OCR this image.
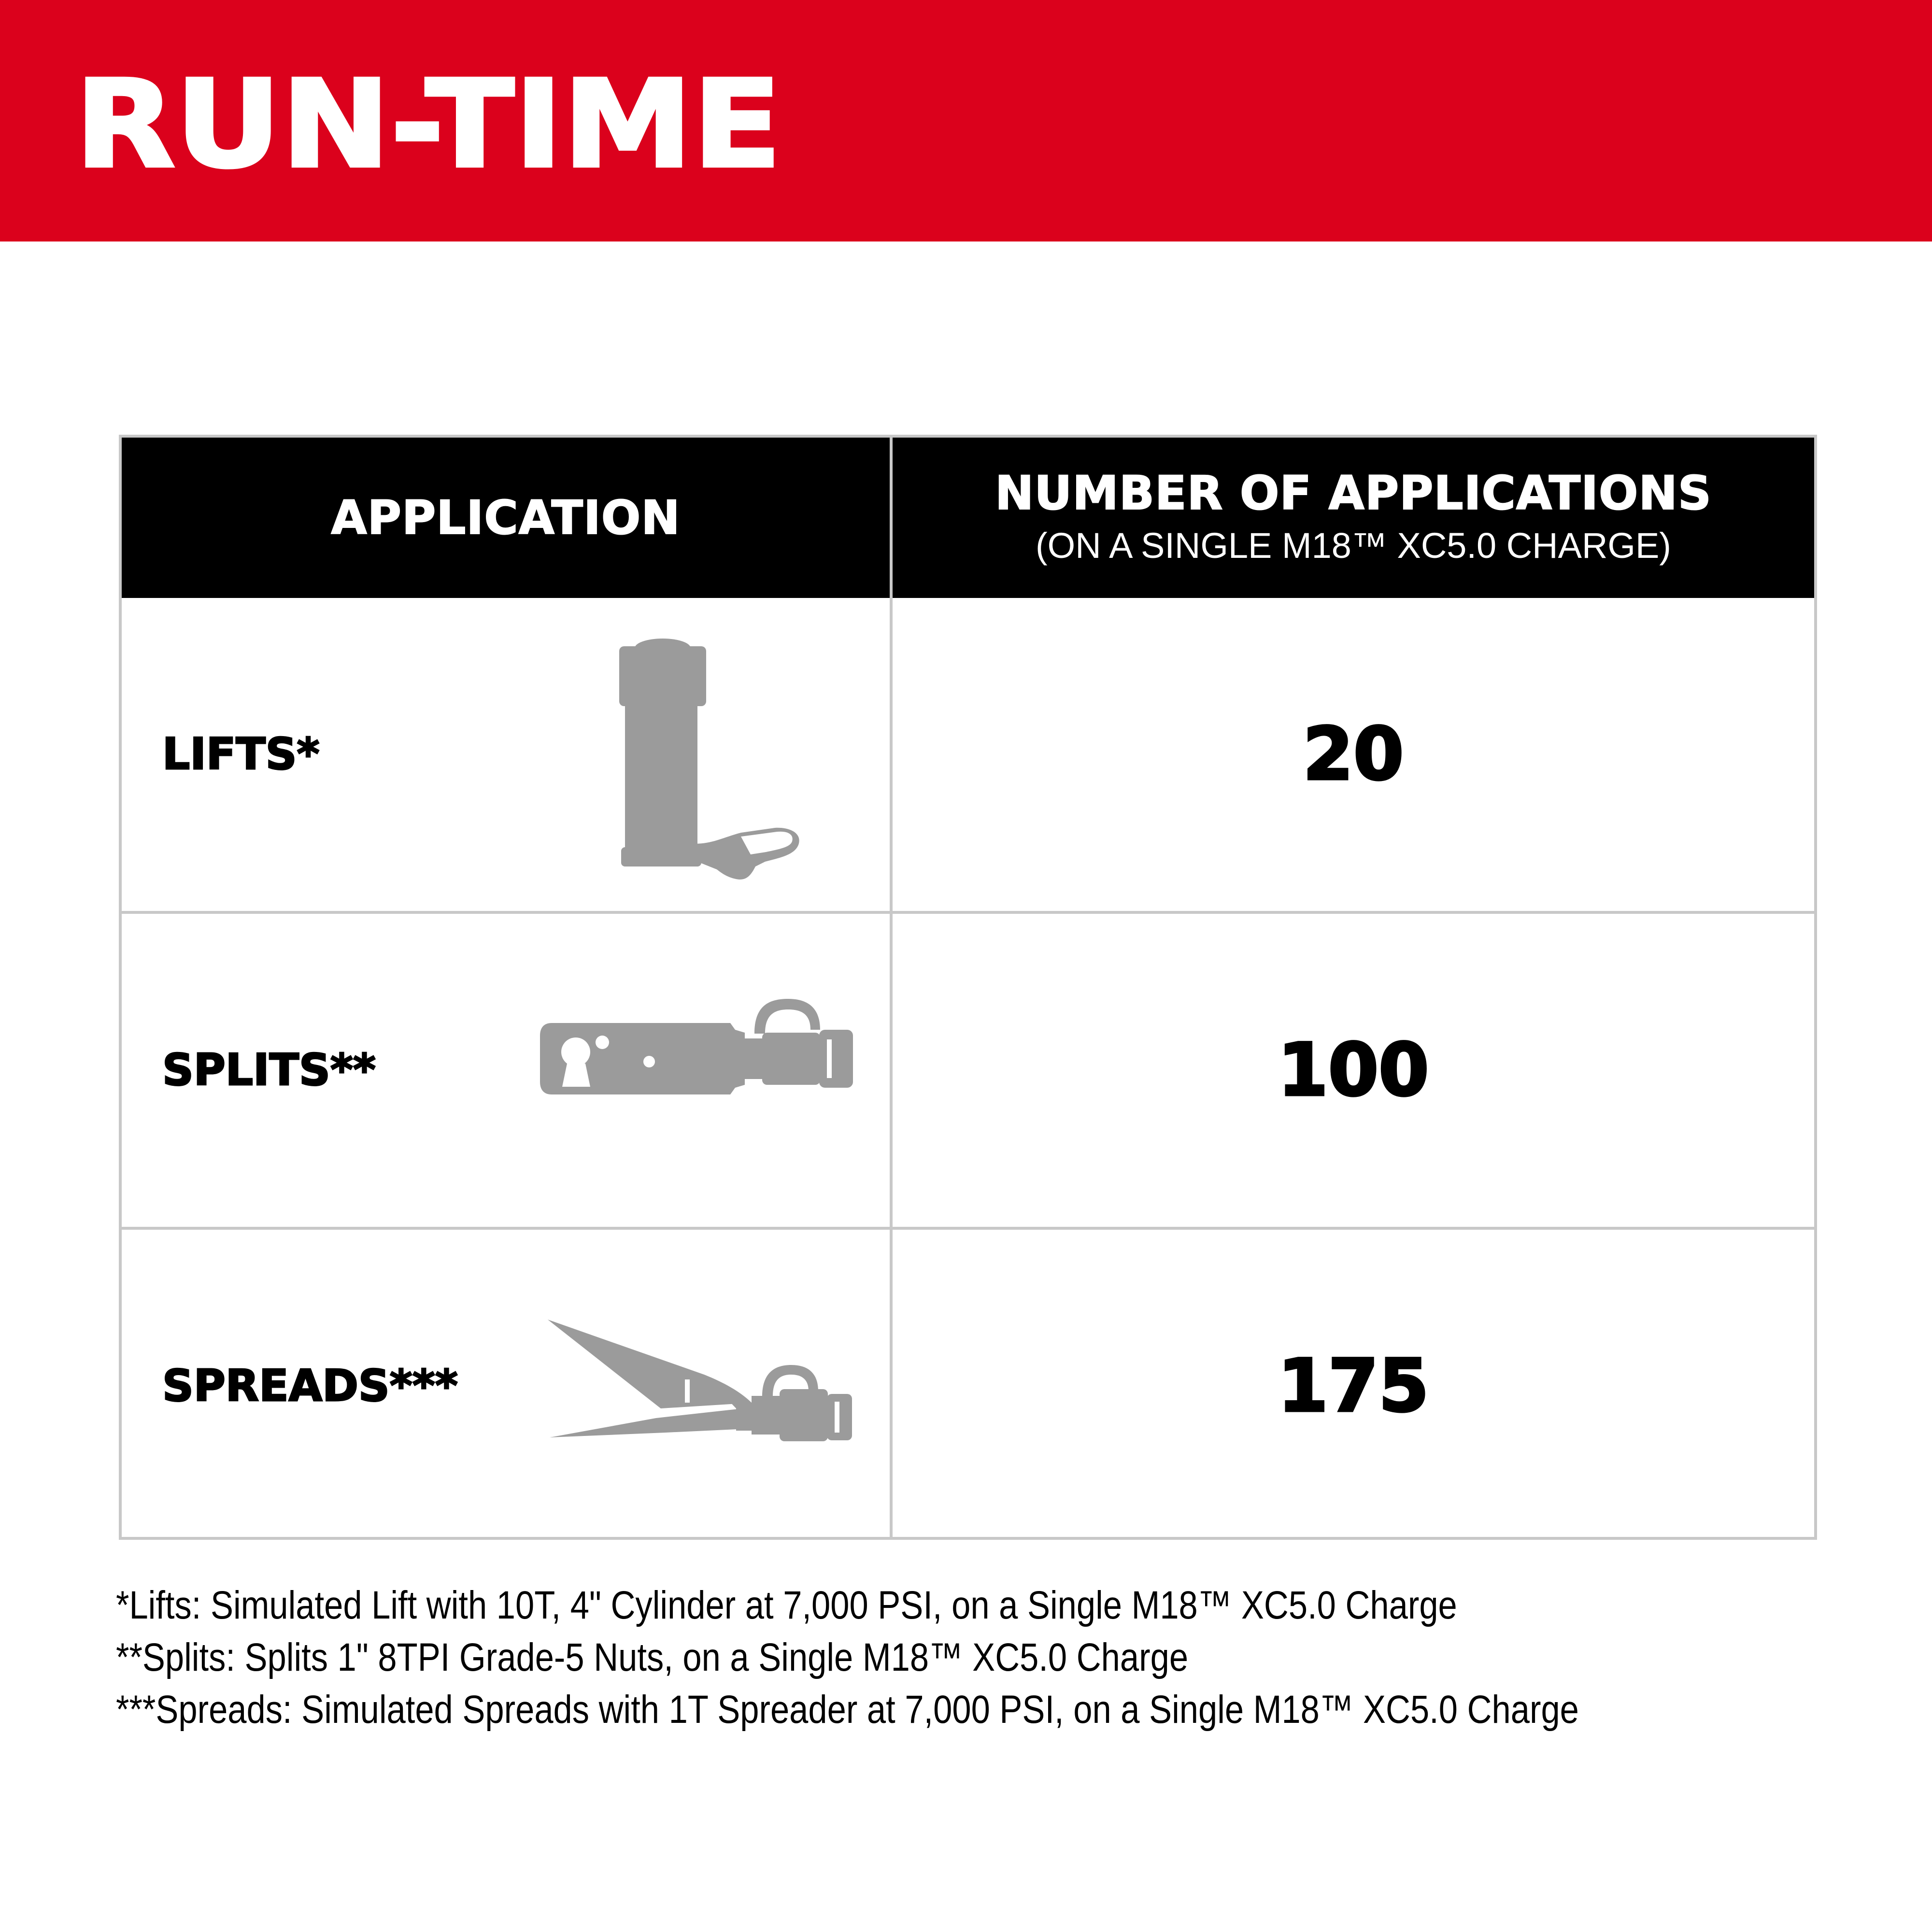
RUN-TIME
APPLICATION	NUMBER OF APPLICATIONS
(ON A SINGLE M18™ XC5.0 CHARGE)
LIFTS*	20
SPLITS**	100
SPREADS***	175
*Lifts: Simulated Lift with 10T, 4" Cylinder at 7,000 PSI, on a Single M18™ XC5.0 Charge
**Splits: Splits 1" 8TPI Grade-5 Nuts, on a Single M18™ XC5.0 Charge
***Spreads: Simulated Spreads with 1T Spreader at 7,000 PSI, on a Single M18™ XC5.0 Charge
